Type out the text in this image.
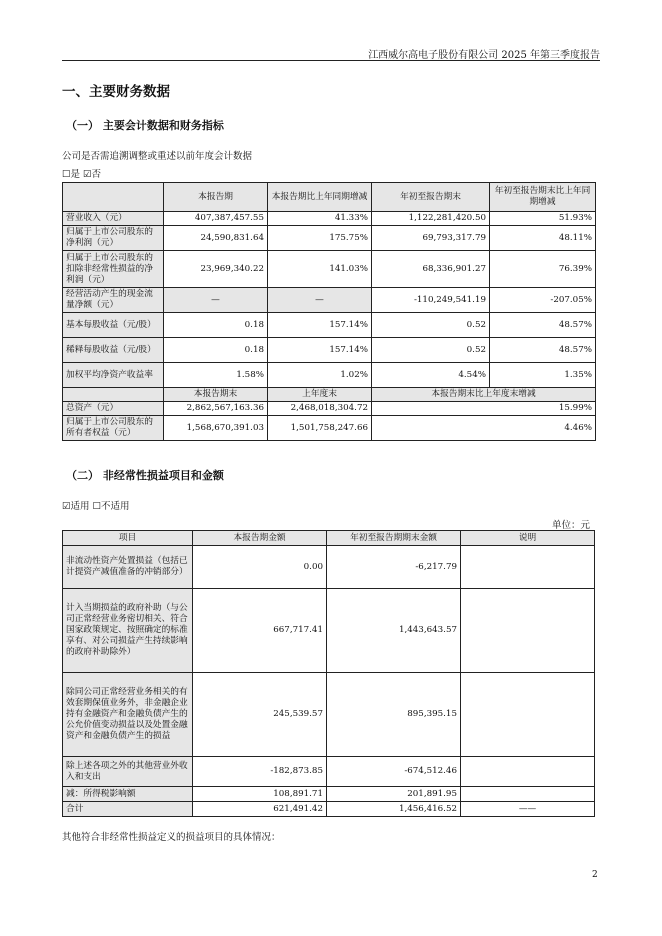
江西威尔高电子股份有限公司 2025 年第三季度报告
一、主要财务数据
（一） 主要会计数据和财务指标
公司是否需追溯调整或重述以前年度会计数据
☐是 ☑否
	本报告期	本报告期比上年同期增减	年初至报告期末	年初至报告期末比上年同期增减
营业收入（元）	407,387,457.55	41.33%	1,122,281,420.50	51.93%
归属于上市公司股东的净利润（元）	24,590,831.64	175.75%	69,793,317.79	48.11%
归属于上市公司股东的扣除非经常性损益的净利润（元）	23,969,340.22	141.03%	68,336,901.27	76.39%
经营活动产生的现金流量净额（元）	—	—	-110,249,541.19	-207.05%
基本每股收益（元/股）	0.18	157.14%	0.52	48.57%
稀释每股收益（元/股）	0.18	157.14%	0.52	48.57%
加权平均净资产收益率	1.58%	1.02%	4.54%	1.35%
	本报告期末	上年度末	本报告期末比上年度末增减	
总资产（元）	2,862,567,163.36	2,468,018,304.72	15.99%	
归属于上市公司股东的所有者权益（元）	1,568,670,391.03	1,501,758,247.66	4.46%	
（二） 非经常性损益项目和金额
☑适用 ☐不适用
单位：元
项目	本报告期金额	年初至报告期期末金额	说明
非流动性资产处置损益（包括已计提资产减值准备的冲销部分）	0.00	-6,217.79	
计入当期损益的政府补助（与公司正常经营业务密切相关、符合国家政策规定、按照确定的标准享有、对公司损益产生持续影响的政府补助除外）	667,717.41	1,443,643.57	
除同公司正常经营业务相关的有效套期保值业务外，非金融企业持有金融资产和金融负债产生的公允价值变动损益以及处置金融资产和金融负债产生的损益	245,539.57	895,395.15	
除上述各项之外的其他营业外收入和支出	-182,873.85	-674,512.46	
减：所得税影响额	108,891.71	201,891.95	
合计	621,491.42	1,456,416.52	——
其他符合非经常性损益定义的损益项目的具体情况：
2
